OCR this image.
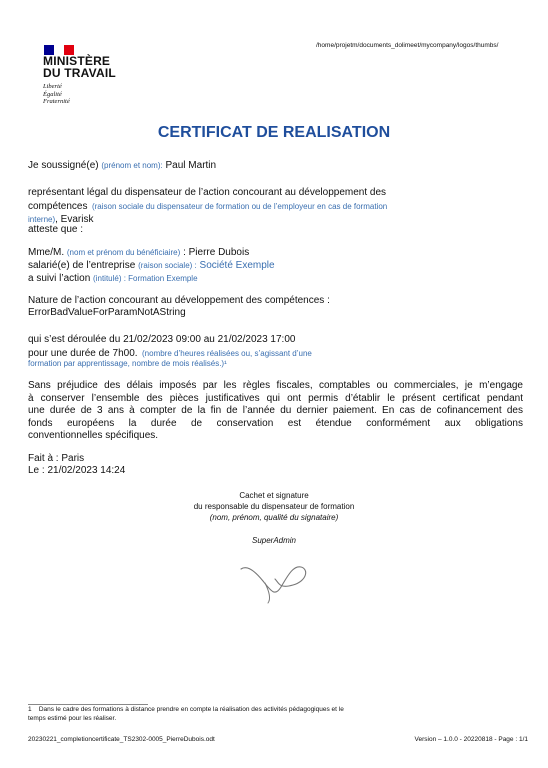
MINISTÈRE
DU TRAVAIL
Liberté
Égalité
Fraternité
/home/projetm/documents_dolimeet/mycompany/logos/thumbs/
CERTIFICAT DE REALISATION
Je soussigné(e) (prénom et nom): Paul Martin
représentant légal du dispensateur de l’action concourant au développement des
compétences (raison sociale du dispensateur de formation ou de l’employeur en cas de formation
interne), Evarisk
atteste que :
Mme/M. (nom et prénom du bénéficiaire) : Pierre Dubois
salarié(e) de l’entreprise (raison sociale) : Société Exemple
a suivi l’action (intitulé) : Formation Exemple
Nature de l’action concourant au développement des compétences :
ErrorBadValueForParamNotAString
qui s’est déroulée du 21/02/2023 09:00 au 21/02/2023 17:00
pour une durée de 7h00. (nombre d’heures réalisées ou, s’agissant d’une
formation par apprentissage, nombre de mois réalisés.)¹
Sans préjudice des délais imposés par les règles fiscales, comptables ou commerciales, je m’engage
à conserver l’ensemble des pièces justificatives qui ont permis d’établir le présent certificat pendant
une durée de 3 ans à compter de la fin de l’année du dernier paiement. En cas de cofinancement des
fonds européens la durée de conservation est étendue conformément aux obligations
conventionnelles spécifiques.
Fait à : Paris
Le : 21/02/2023 14:24
Cachet et signature
du responsable du dispensateur de formation
(nom, prénom, qualité du signataire)
SuperAdmin
1 Dans le cadre des formations à distance prendre en compte la réalisation des activités pédagogiques et le
temps estimé pour les réaliser.
20230221_completioncertificate_TS2302-0005_PierreDubois.odt	Version – 1.0.0 - 20220818 - Page : 1/1
